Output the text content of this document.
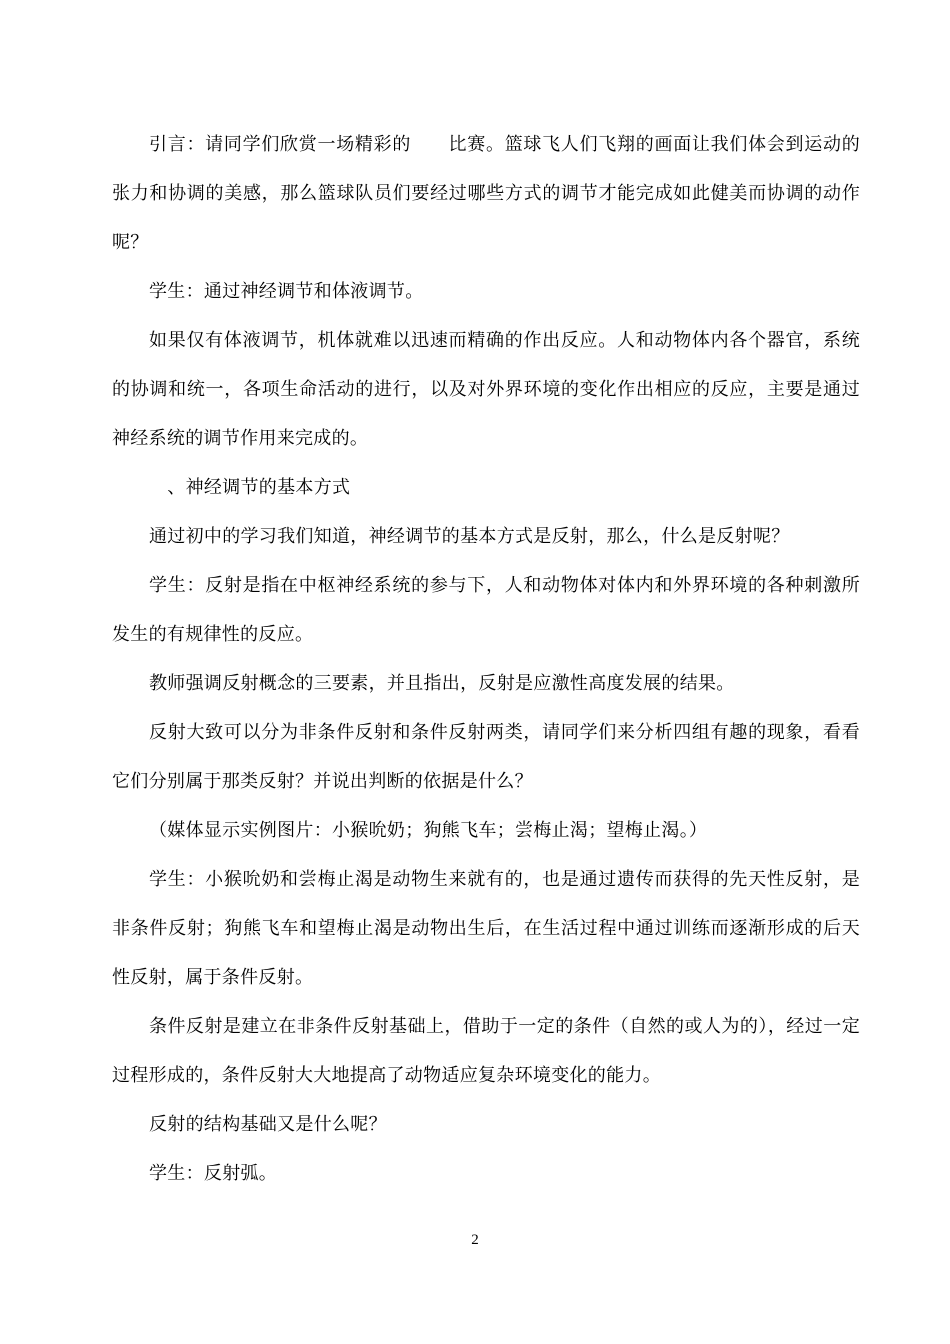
引言：请同学们欣赏一场精彩的　　比赛。篮球飞人们飞翔的画面让我们体会到运动的张力和协调的美感，那么篮球队员们要经过哪些方式的调节才能完成如此健美而协调的动作呢？

学生：通过神经调节和体液调节。

如果仅有体液调节，机体就难以迅速而精确的作出反应。人和动物体内各个器官，系统的协调和统一，各项生命活动的进行，以及对外界环境的变化作出相应的反应，主要是通过神经系统的调节作用来完成的。

　、神经调节的基本方式

通过初中的学习我们知道，神经调节的基本方式是反射，那么，什么是反射呢？

学生：反射是指在中枢神经系统的参与下，人和动物体对体内和外界环境的各种刺激所发生的有规律性的反应。

教师强调反射概念的三要素，并且指出，反射是应激性高度发展的结果。

反射大致可以分为非条件反射和条件反射两类，请同学们来分析四组有趣的现象，看看它们分别属于那类反射？并说出判断的依据是什么？

（媒体显示实例图片：小猴吮奶；狗熊飞车；尝梅止渴；望梅止渴。）

学生：小猴吮奶和尝梅止渴是动物生来就有的，也是通过遗传而获得的先天性反射，是非条件反射；狗熊飞车和望梅止渴是动物出生后，在生活过程中通过训练而逐渐形成的后天性反射，属于条件反射。

条件反射是建立在非条件反射基础上，借助于一定的条件（自然的或人为的），经过一定过程形成的，条件反射大大地提高了动物适应复杂环境变化的能力。

反射的结构基础又是什么呢？

学生：反射弧。

2
